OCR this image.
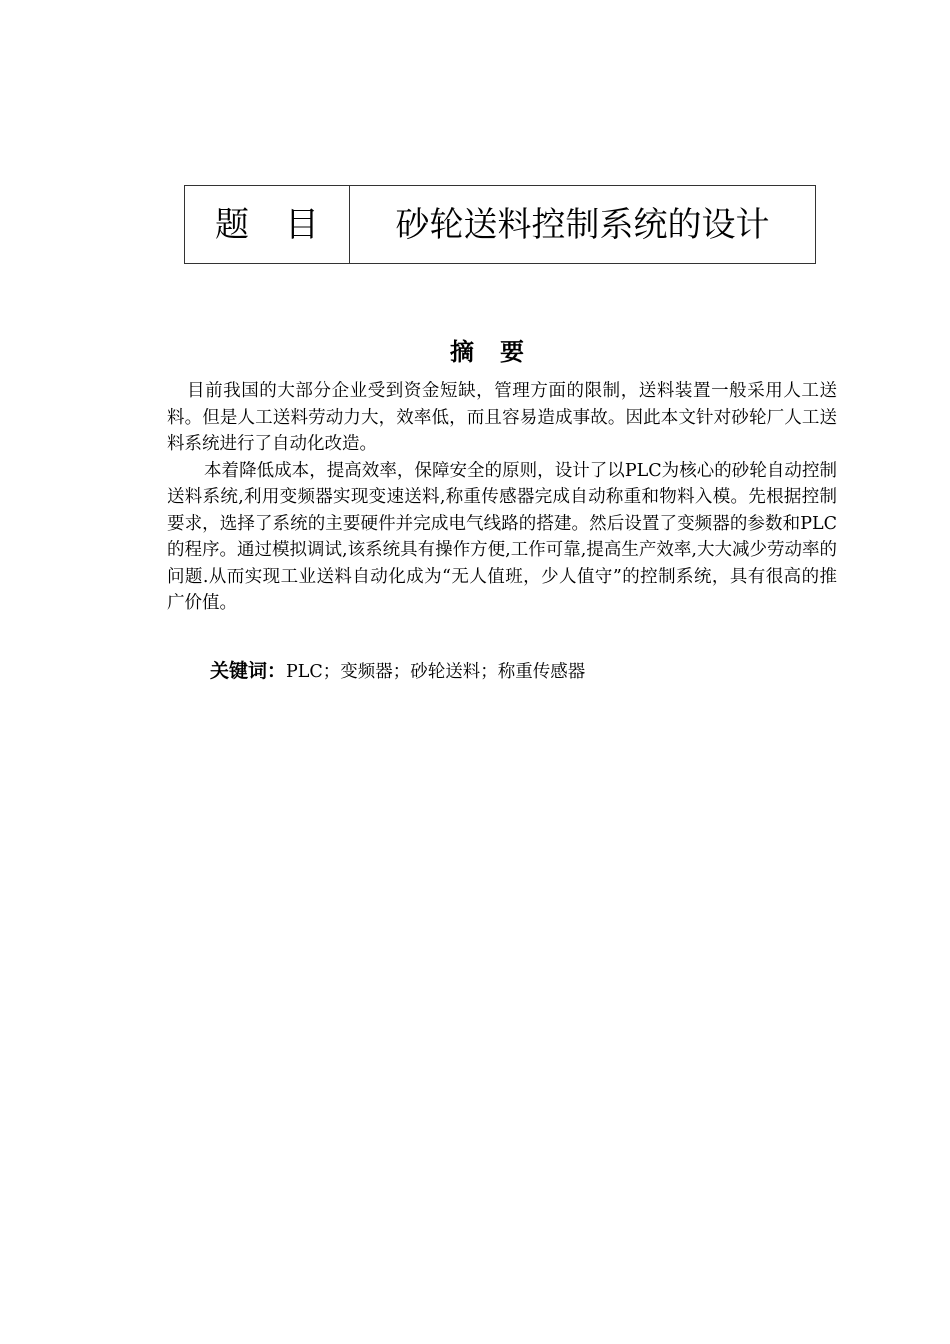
题目 砂轮送料控制系统的设计
摘要

目前我国的大部分企业受到资金短缺，管理方面的限制，送料装置一般采用人工送料。但是人工送料劳动力大，效率低，而且容易造成事故。因此本文针对砂轮厂人工送料系统进行了自动化改造。

本着降低成本，提高效率，保障安全的原则，设计了以PLC为核心的砂轮自动控制送料系统,利用变频器实现变速送料,称重传感器完成自动称重和物料入模。先根据控制要求，选择了系统的主要硬件并完成电气线路的搭建。然后设置了变频器的参数和PLC的程序。通过模拟调试,该系统具有操作方便,工作可靠,提高生产效率,大大减少劳动率的问题.从而实现工业送料自动化成为“无人值班，少人值守”的控制系统，具有很高的推广价值。

关键词：PLC；变频器；砂轮送料；称重传感器
